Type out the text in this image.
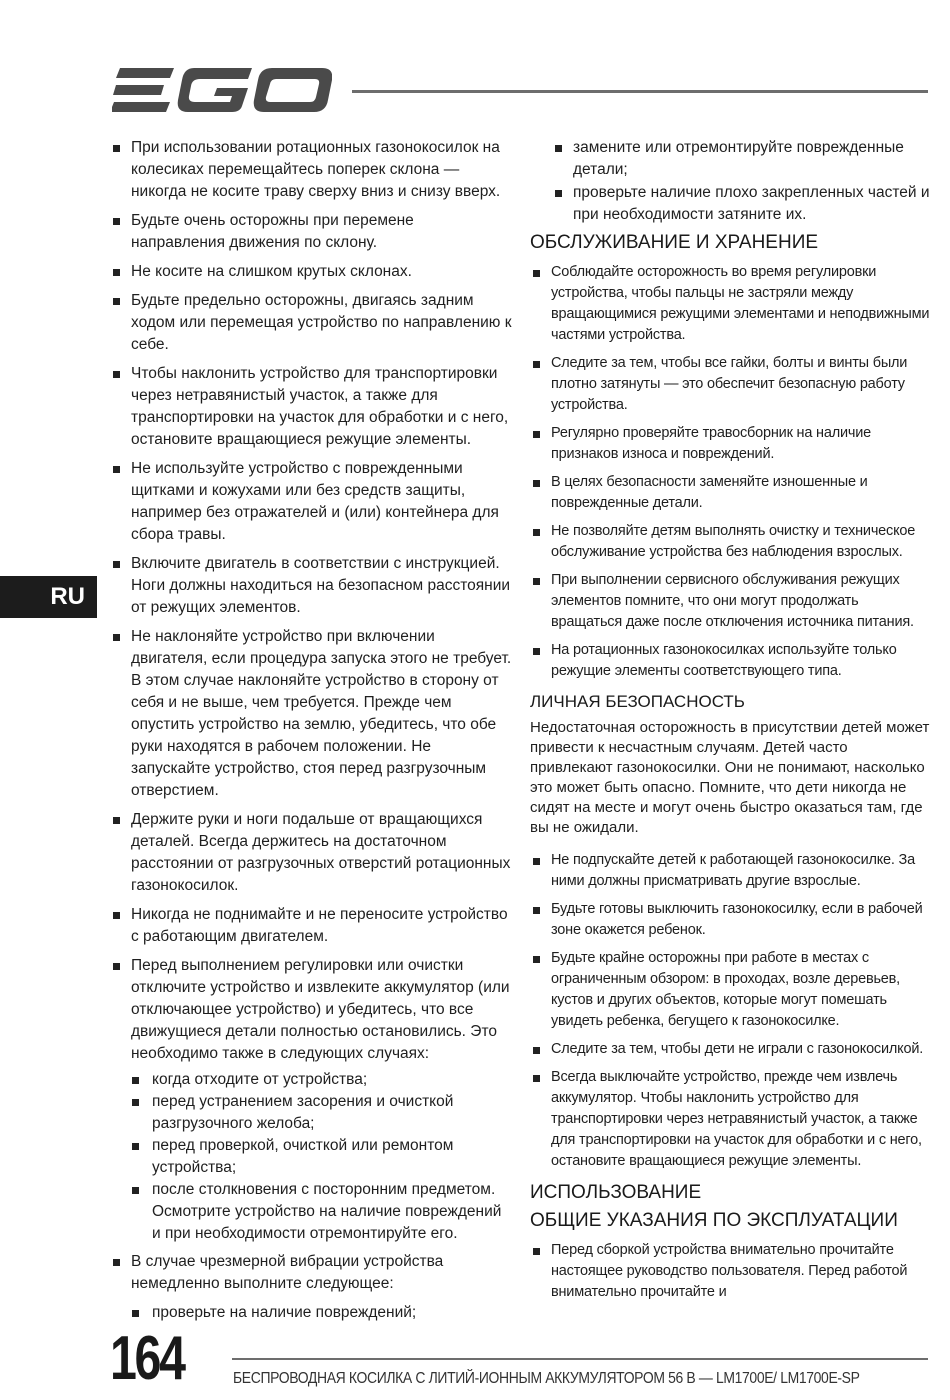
RU
При использовании ротационных газонокосилок на колесиках перемещайтесь поперек склона — никогда не косите траву сверху вниз и снизу вверх.
Будьте очень осторожны при перемене направления движения по склону.
Не косите на слишком крутых склонах.
Будьте предельно осторожны, двигаясь задним ходом или перемещая устройство по направлению к себе.
Чтобы наклонить устройство для транспортировки через нетравянистый участок, а также для транспортировки на участок для обработки и с него, остановите вращающиеся режущие элементы.
Не используйте устройство с поврежденными щитками и кожухами или без средств защиты, например без отражателей и (или) контейнера для сбора травы.
Включите двигатель в соответствии с инструкцией. Ноги должны находиться на безопасном расстоянии от режущих элементов.
Не наклоняйте устройство при включении двигателя, если процедура запуска этого не требует. В этом случае наклоняйте устройство в сторону от себя и не выше, чем требуется. Прежде чем опустить устройство на землю, убедитесь, что обе руки находятся в рабочем положении. Не запускайте устройство, стоя перед разгрузочным отверстием.
Держите руки и ноги подальше от вращающихся деталей. Всегда держитесь на достаточном расстоянии от разгрузочных отверстий ротационных газонокосилок.
Никогда не поднимайте и не переносите устройство с работающим двигателем.
Перед выполнением регулировки или очистки отключите устройство и извлеките аккумулятор (или отключающее устройство) и убедитесь, что все движущиеся детали полностью остановились. Это необходимо также в следующих случаях:
когда отходите от устройства;
перед устранением засорения и очисткой разгрузочного желоба;
перед проверкой, очисткой или ремонтом устройства;
после столкновения с посторонним предметом. Осмотрите устройство на наличие повреждений и при необходимости отремонтируйте его.
В случае чрезмерной вибрации устройства немедленно выполните следующее:
проверьте на наличие повреждений;
замените или отремонтируйте поврежденные детали;
проверьте наличие плохо закрепленных частей и при необходимости затяните их.
ОБСЛУЖИВАНИЕ И ХРАНЕНИЕ
Соблюдайте осторожность во время регулировки устройства, чтобы пальцы не застряли между вращающимися режущими элементами и неподвижными частями устройства.
Следите за тем, чтобы все гайки, болты и винты были плотно затянуты — это обеспечит безопасную работу устройства.
Регулярно проверяйте травосборник на наличие признаков износа и повреждений.
В целях безопасности заменяйте изношенные и поврежденные детали.
Не позволяйте детям выполнять очистку и техническое обслуживание устройства без наблюдения взрослых.
При выполнении сервисного обслуживания режущих элементов помните, что они могут продолжать вращаться даже после отключения источника питания.
На ротационных газонокосилках используйте только режущие элементы соответствующего типа.
ЛИЧНАЯ БЕЗОПАСНОСТЬ

Недостаточная осторожность в присутствии детей может привести к несчастным случаям. Детей часто привлекают газонокосилки. Они не понимают, насколько это может быть опасно. Помните, что дети никогда не сидят на месте и могут очень быстро оказаться там, где вы не ожидали.

Не подпускайте детей к работающей газонокосилке. За ними должны присматривать другие взрослые.
Будьте готовы выключить газонокосилку, если в рабочей зоне окажется ребенок.
Будьте крайне осторожны при работе в местах с ограниченным обзором: в проходах, возле деревьев, кустов и других объектов, которые могут помешать увидеть ребенка, бегущего к газонокосилке.
Следите за тем, чтобы дети не играли с газонокосилкой.
Всегда выключайте устройство, прежде чем извлечь аккумулятор. Чтобы наклонить устройство для транспортировки через нетравянистый участок, а также для транспортировки на участок для обработки и с него, остановите вращающиеся режущие элементы.
ИСПОЛЬЗОВАНИЕ
ОБЩИЕ УКАЗАНИЯ ПО ЭКСПЛУАТАЦИИ
Перед сборкой устройства внимательно прочитайте настоящее руководство пользователя. Перед работой внимательно прочитайте и
164	БЕСПРОВОДНАЯ КОСИЛКА С ЛИТИЙ-ИОННЫМ АККУМУЛЯТОРОМ 56 В — LM1700E/ LM1700E-SP
